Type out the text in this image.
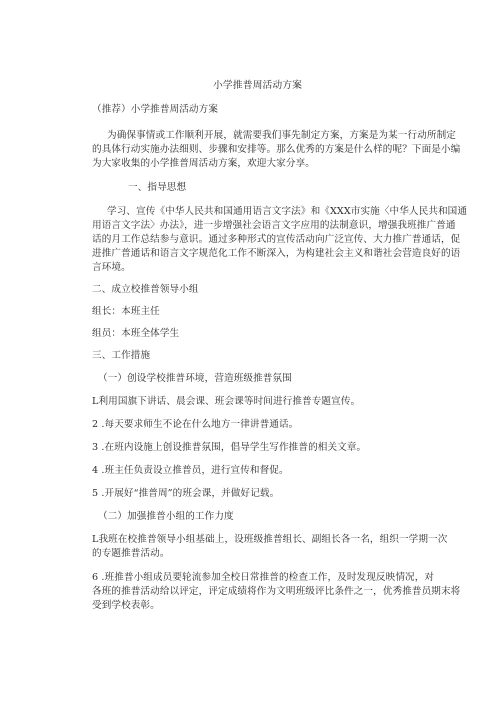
小学推普周活动方案
（推荐）小学推普周活动方案
为确保事情或工作顺利开展，就需要我们事先制定方案，方案是为某一行动所制定
的具体行动实施办法细则、步骤和安排等。那么优秀的方案是什么样的呢？下面是小编
为大家收集的小学推普周活动方案，欢迎大家分享。
一、指导思想
学习、宣传《中华人民共和国通用语言文字法》和《XXX市实施〈中华人民共和国通
用语言文字法〉办法》，进一步增强社会语言文字应用的法制意识，增强我班推广普通
话的月工作总结参与意识。通过多种形式的宣传活动向广泛宣传、大力推广普通话，促
进推广普通话和语言文字规范化工作不断深入，为构建社会主义和谐社会营造良好的语
言环境。
二、成立校推普领导小组
组长：本班主任
组员：本班全体学生
三、工作措施
（一）创设学校推普环境，营造班级推普氛围
L利用国旗下讲话、晨会课、班会课等时间进行推普专题宣传。
2 .每天要求师生不论在什么地方一律讲普通话。
3 .在班内设施上创设推普氛围，倡导学生写作推普的相关文章。
4 .班主任负责设立推普员，进行宣传和督促。
5 .开展好“推普周”的班会课，并做好记载。
（二）加强推普小组的工作力度
L我班在校推普领导小组基础上，设班级推普组长、副组长各一名，组织一学期一次
的专题推普活动。
6 .班推普小组成员要轮流参加全校日常推普的检查工作，及时发现反映情况，对
各班的推普活动给以评定，评定成绩将作为文明班级评比条件之一，优秀推普员期末将
受到学校表彰。
